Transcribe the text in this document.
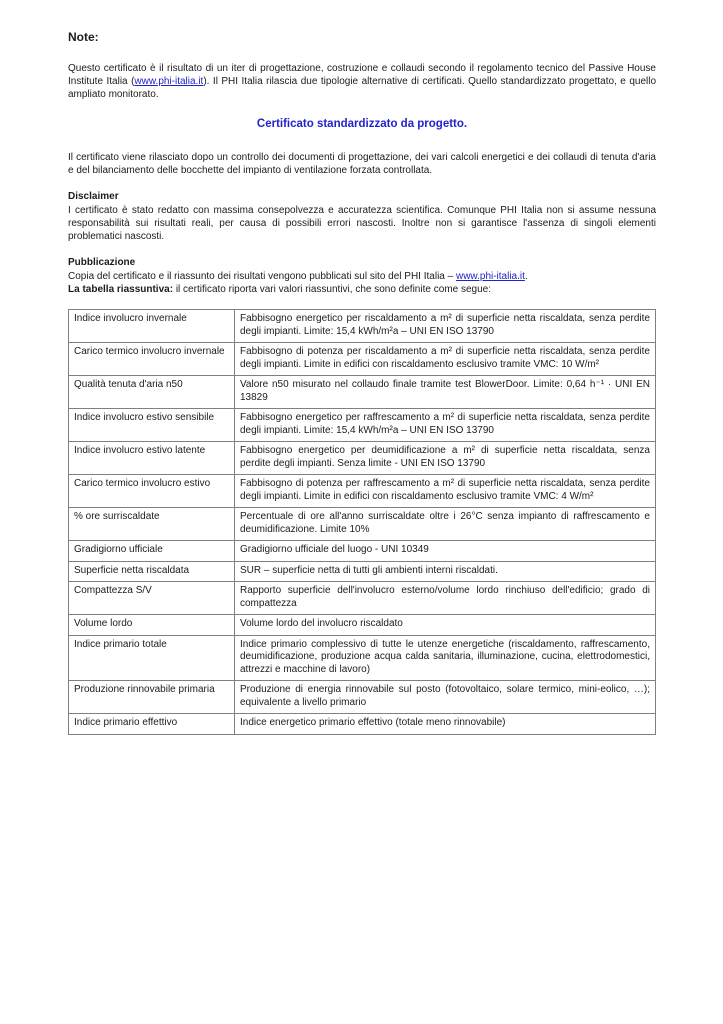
Note:

Questo certificato è il risultato di un iter di progettazione, costruzione e collaudi secondo il regolamento tecnico del Passive House Institute Italia (www.phi-italia.it). Il PHI Italia rilascia due tipologie alternative di certificati. Quello standardizzato progettato, e quello ampliato monitorato.

Certificato standardizzato da progetto.

Il certificato viene rilasciato dopo un controllo dei documenti di progettazione, dei vari calcoli energetici e dei collaudi di tenuta d'aria e del bilanciamento delle bocchette del impianto di ventilazione forzata controllata.

Disclaimer

I certificato è stato redatto con massima consepolvezza e accuratezza scientifica. Comunque PHI Italia non si assume nessuna responsabilità sui risultati reali, per causa di possibili errori nascosti. Inoltre non si garantisce l'assenza di singoli elementi problematici nascosti.

Pubblicazione

Copia del certificato e il riassunto dei risultati vengono pubblicati sul sito del PHI Italia – www.phi-italia.it.

La tabella riassuntiva: il certificato riporta vari valori riassuntivi, che sono definite come segue:

Indice involucro invernale	Fabbisogno energetico per riscaldamento a m² di superficie netta riscaldata, senza perdite degli impianti. Limite: 15,4 kWh/m²a – UNI EN ISO 13790
Carico termico involucro invernale	Fabbisogno di potenza per riscaldamento a m² di superficie netta riscaldata, senza perdite degli impianti. Limite in edifici con riscaldamento esclusivo tramite VMC: 10 W/m²
Qualità tenuta d'aria n50	Valore n50 misurato nel collaudo finale tramite test BlowerDoor. Limite: 0,64 h⁻¹ · UNI EN 13829
Indice involucro estivo sensibile	Fabbisogno energetico per raffrescamento a m² di superficie netta riscaldata, senza perdite degli impianti. Limite: 15,4 kWh/m²a – UNI EN ISO 13790
Indice involucro estivo latente	Fabbisogno energetico per deumidificazione a m² di superficie netta riscaldata, senza perdite degli impianti. Senza limite - UNI EN ISO 13790
Carico termico involucro estivo	Fabbisogno di potenza per raffrescamento a m² di superficie netta riscaldata, senza perdite degli impianti. Limite in edifici con riscaldamento esclusivo tramite VMC: 4 W/m²
% ore surriscaldate	Percentuale di ore all'anno surriscaldate oltre i 26°C senza impianto di raffrescamento e deumidificazione. Limite 10%
Gradigiorno ufficiale	Gradigiorno ufficiale del luogo - UNI 10349
Superficie netta riscaldata	SUR – superficie netta di tutti gli ambienti interni riscaldati.
Compattezza S/V	Rapporto superficie dell'involucro esterno/volume lordo rinchiuso dell'edificio; grado di compattezza
Volume lordo	Volume lordo del involucro riscaldato
Indice primario totale	Indice primario complessivo di tutte le utenze energetiche (riscaldamento, raffrescamento, deumidificazione, produzione acqua calda sanitaria, illuminazione, cucina, elettrodomestici, attrezzi e macchine di lavoro)
Produzione rinnovabile primaria	Produzione di energia rinnovabile sul posto (fotovoltaico, solare termico, mini-eolico, …); equivalente a livello primario
Indice primario effettivo	Indice energetico primario effettivo (totale meno rinnovabile)
